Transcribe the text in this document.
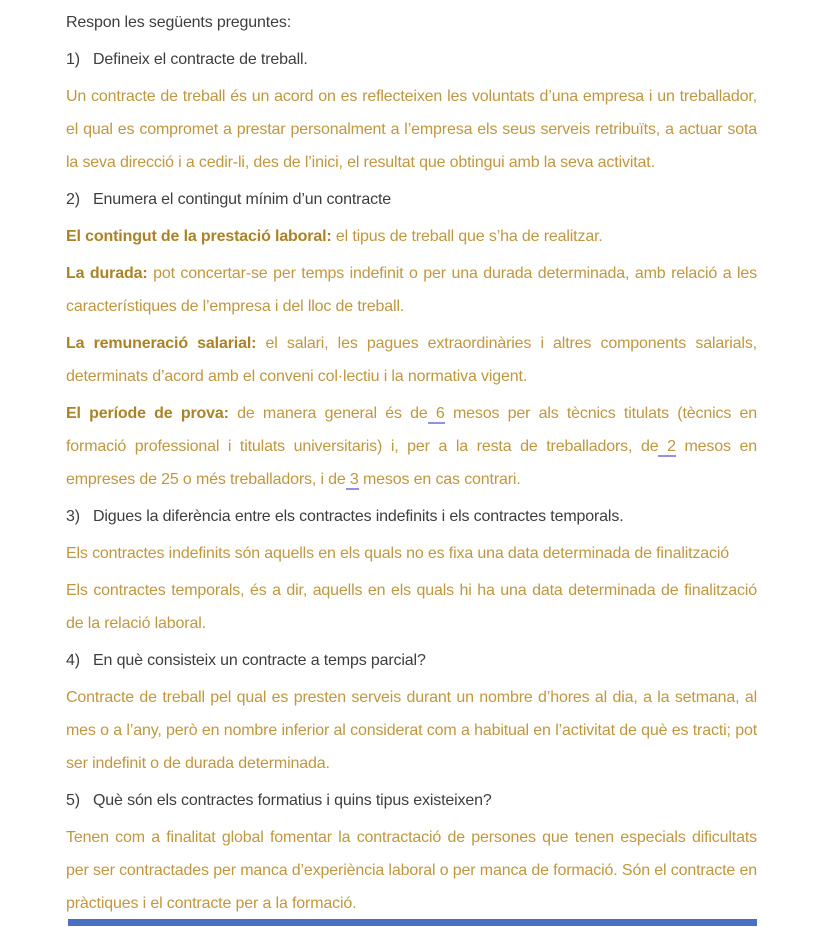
Respon les següents preguntes:

1) Defineix el contracte de treball.

Un contracte de treball és un acord on es reflecteixen les voluntats d’una empresa i un treballador, el qual es compromet a prestar personalment a l’empresa els seus serveis retribuïts, a actuar sota la seva direcció i a cedir-li, des de l’inici, el resultat que obtingui amb la seva activitat.

2) Enumera el contingut mínim d’un contracte

El contingut de la prestació laboral: el tipus de treball que s’ha de realitzar.

La durada: pot concertar-se per temps indefinit o per una durada determinada, amb relació a les característiques de l’empresa i del lloc de treball.

La remuneració salarial: el salari, les pagues extraordinàries i altres components salarials, determinats d’acord amb el conveni col·lectiu i la normativa vigent.

El període de prova: de manera general és de 6 mesos per als tècnics titulats (tècnics en formació professional i titulats universitaris) i, per a la resta de treballadors, de 2 mesos en empreses de 25 o més treballadors, i de 3 mesos en cas contrari.

3) Digues la diferència entre els contractes indefinits i els contractes temporals.

Els contractes indefinits són aquells en els quals no es fixa una data determinada de finalització

Els contractes temporals, és a dir, aquells en els quals hi ha una data determinada de finalització de la relació laboral.

4) En què consisteix un contracte a temps parcial?

Contracte de treball pel qual es presten serveis durant un nombre d’hores al dia, a la setmana, al mes o a l’any, però en nombre inferior al considerat com a habitual en l’activitat de què es tracti; pot ser indefinit o de durada determinada.

5) Què són els contractes formatius i quins tipus existeixen?

Tenen com a finalitat global fomentar la contractació de persones que tenen especials dificultats per ser contractades per manca d’experiència laboral o per manca de formació. Són el contracte en pràctiques i el contracte per a la formació.
